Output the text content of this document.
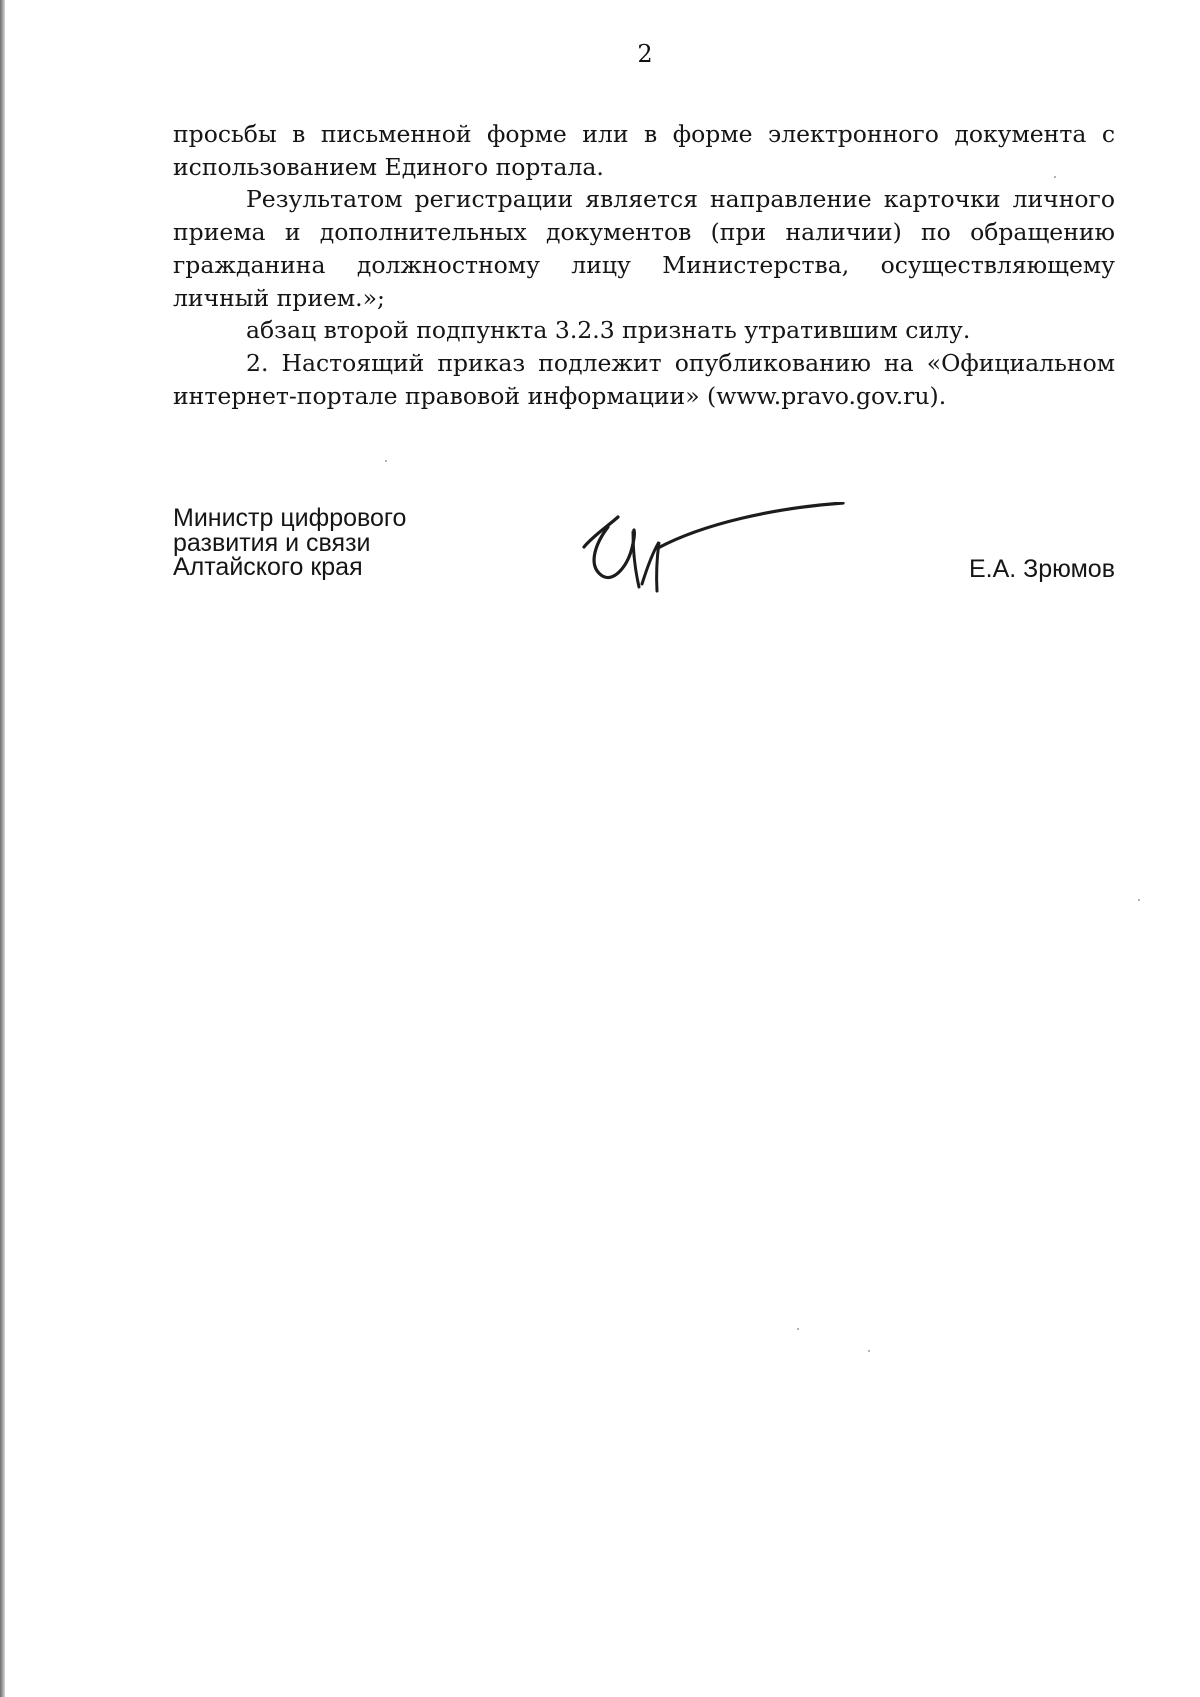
2

просьбы в письменной форме или в форме электронного документа с использованием Единого портала.

Результатом регистрации является направление карточки личного приема и дополнительных документов (при наличии) по обращению гражданина должностному лицу Министерства, осуществляющему личный прием.»;

абзац второй подпункта 3.2.3 признать утратившим силу.

2. Настоящий приказ подлежит опубликованию на «Официальном интернет-портале правовой информации» (www.pravo.gov.ru).

Министр цифрового
развития и связи
Алтайского края	Е.А. Зрюмов
